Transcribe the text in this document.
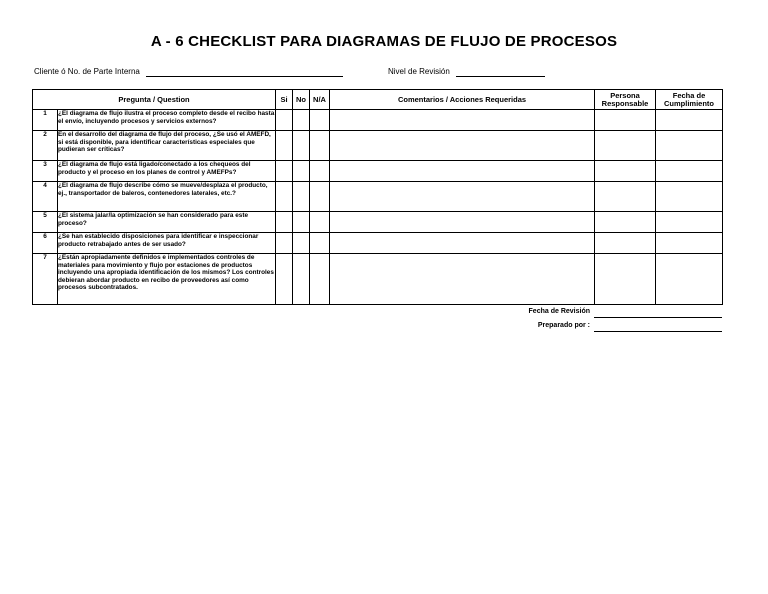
A - 6 CHECKLIST PARA DIAGRAMAS DE FLUJO DE PROCESOS
Cliente ó No. de Parte Interna	Nivel de Revisión
Pregunta / Question		Si	No	N/A	Comentarios / Acciones Requeridas	Persona Responsable	Fecha de Cumplimiento
1	¿El diagrama de flujo ilustra el proceso completo desde el recibo hasta el envío, incluyendo procesos y servicios externos?						
2	En el desarrollo del diagrama de flujo del proceso, ¿Se usó el AMEFD, si está disponible, para identificar características especiales que pudieran ser críticas?						
3	¿El diagrama de flujo está ligado/conectado a los chequeos del producto y el proceso en los planes de control y AMEFPs?						
4	¿El diagrama de flujo describe cómo se mueve/desplaza el producto, ej., transportador de baleros, contenedores laterales, etc.?						
5	¿El sistema jalar/la optimización se han considerado para este proceso?						
6	¿Se han establecido disposiciones para identificar e inspeccionar producto retrabajado antes de ser usado?						
7	¿Están apropiadamente definidos e implementados controles de materiales para movimiento y flujo por estaciones de productos incluyendo una apropiada identificación de los mismos? Los controles debieran abordar producto en recibo de proveedores así como procesos subcontratados.						
Fecha de Revisión
Preparado por :
